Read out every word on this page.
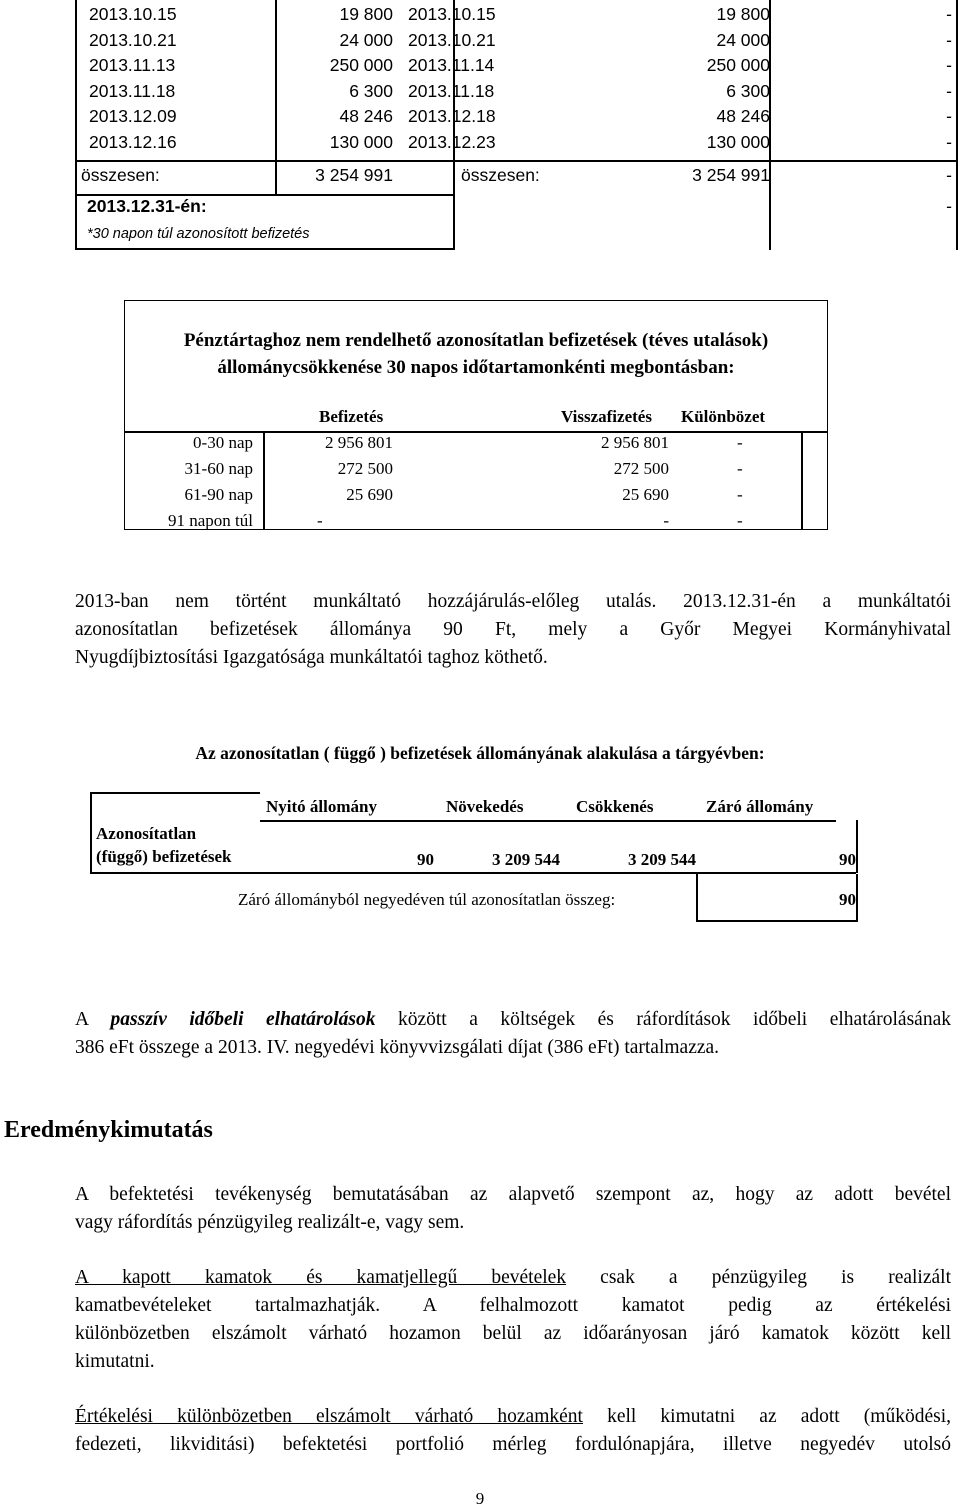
2013.10.15	19 800 2013.10.15	19 800	-
2013.10.21	24 000 2013.10.21	24 000	-
2013.11.13	250 000 2013.11.14	250 000	-
2013.11.18	6 300 2013.11.18	6 300	-
2013.12.09	48 246 2013.12.18	48 246	-
2013.12.16	130 000 2013.12.23	130 000	-
összesen:	3 254 991	összesen:	3 254 991	-
2013.12.31-én:	-
*30 napon túl azonosított befizetés
Pénztártaghoz nem rendelhető azonosítatlan befizetések (téves utalások)
állománycsökkenése 30 napos időtartamonkénti megbontásban:
Befizetés	Visszafizetés Különbözet
0-30 nap	2 956 801	2 956 801	-
31-60 nap	272 500	272 500	-
61-90 nap	25 690	25 690	-
91 napon túl	-	-	-
2013-ban nem történt munkáltató hozzájárulás-előleg utalás. 2013.12.31-én a munkáltatói
azonosítatlan befizetések állománya 90 Ft, mely a Győr Megyei Kormányhivatal
Nyugdíjbiztosítási Igazgatósága munkáltatói taghoz köthető.
Az azonosítatlan ( függő ) befizetések állományának alakulása a tárgyévben:
Nyitó állomány	Növekedés	Csökkenés	Záró állomány
Azonosítatlan
(függő) befizetések	90	3 209 544	3 209 544	90
Záró állományból negyedéven túl azonosítatlan összeg:	90
A passzív időbeli elhatárolások között a költségek és ráfordítások időbeli elhatárolásának
386 eFt összege a 2013. IV. negyedévi könyvvizsgálati díjat (386 eFt) tartalmazza.
Eredménykimutatás
A befektetési tevékenység bemutatásában az alapvető szempont az, hogy az adott bevétel
vagy ráfordítás pénzügyileg realizált-e, vagy sem.
A kapott kamatok és kamatjellegű bevételek csak a pénzügyileg is realizált
kamatbevételeket tartalmazhatják. A felhalmozott kamatot pedig az értékelési
különbözetben elszámolt várható hozamon belül az időarányosan járó kamatok között kell
kimutatni.
Értékelési különbözetben elszámolt várható hozamként kell kimutatni az adott (működési,
fedezeti, likviditási) befektetési portfolió mérleg fordulónapjára, illetve negyedév utolsó
9
